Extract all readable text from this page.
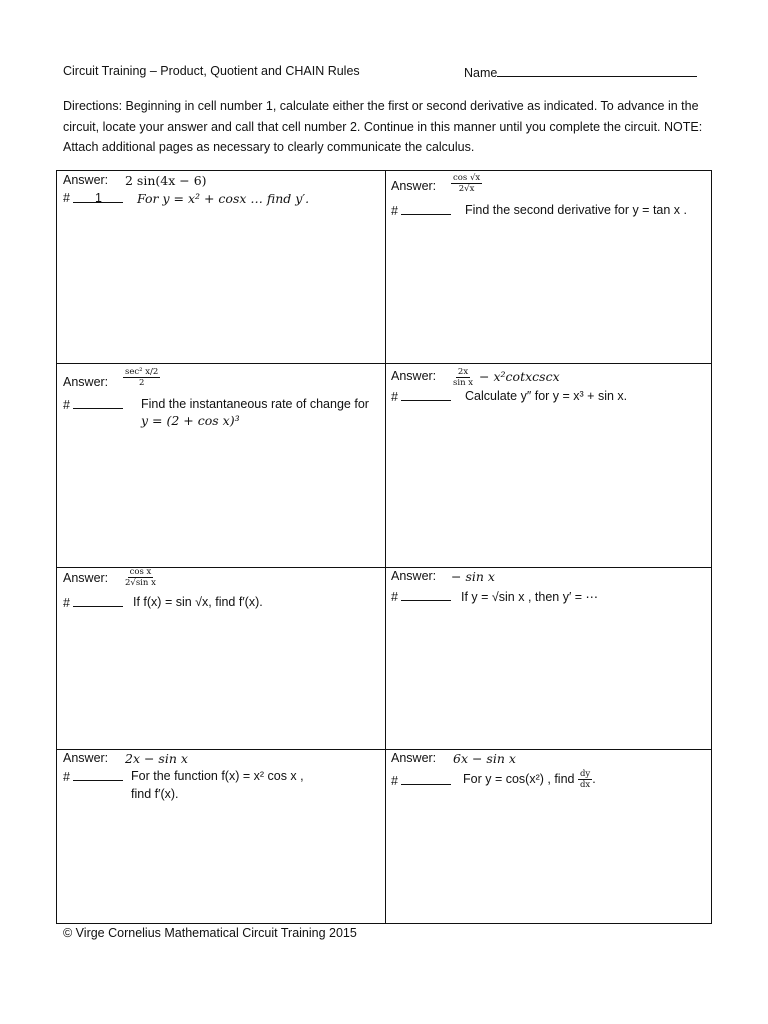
Circuit Training – Product, Quotient and CHAIN Rules	Name
Directions: Beginning in cell number 1, calculate either the first or second derivative as indicated. To advance in the circuit, locate your answer and call that cell number 2. Continue in this manner until you complete the circuit. NOTE: Attach additional pages as necessary to clearly communicate the calculus.
Answer: 2 sin(4x − 6)
# 1	For y = x² + cosx … find y′.
Answer: $\frac{\cos √x}{2√x}$
#	Find the second derivative for y = tan x .
Answer: $\frac{\text{sec² x/2}}{2}$
#	Find the instantaneous rate of change for
y = (2 + cos x)³
Answer: $\frac{2x}{\text{sin x}}$ − x²cotxcscx
#	Calculate y″ for y = x³ + sin x.
Answer: $\frac{\text{cos x}}{\text{2√sin x}}$
#	If f(x) = sin √x, find f′(x).
Answer: − sin x
#	If y = √sin x , then y′ = ⋯
Answer: 2x − sin x
#	For the function f(x) = x² cos x ,
find f′(x).
Answer: 6x − sin x
#	For y = cos(x²) , find $\frac{dy}{dx}$ .
© Virge Cornelius Mathematical Circuit Training 2015
